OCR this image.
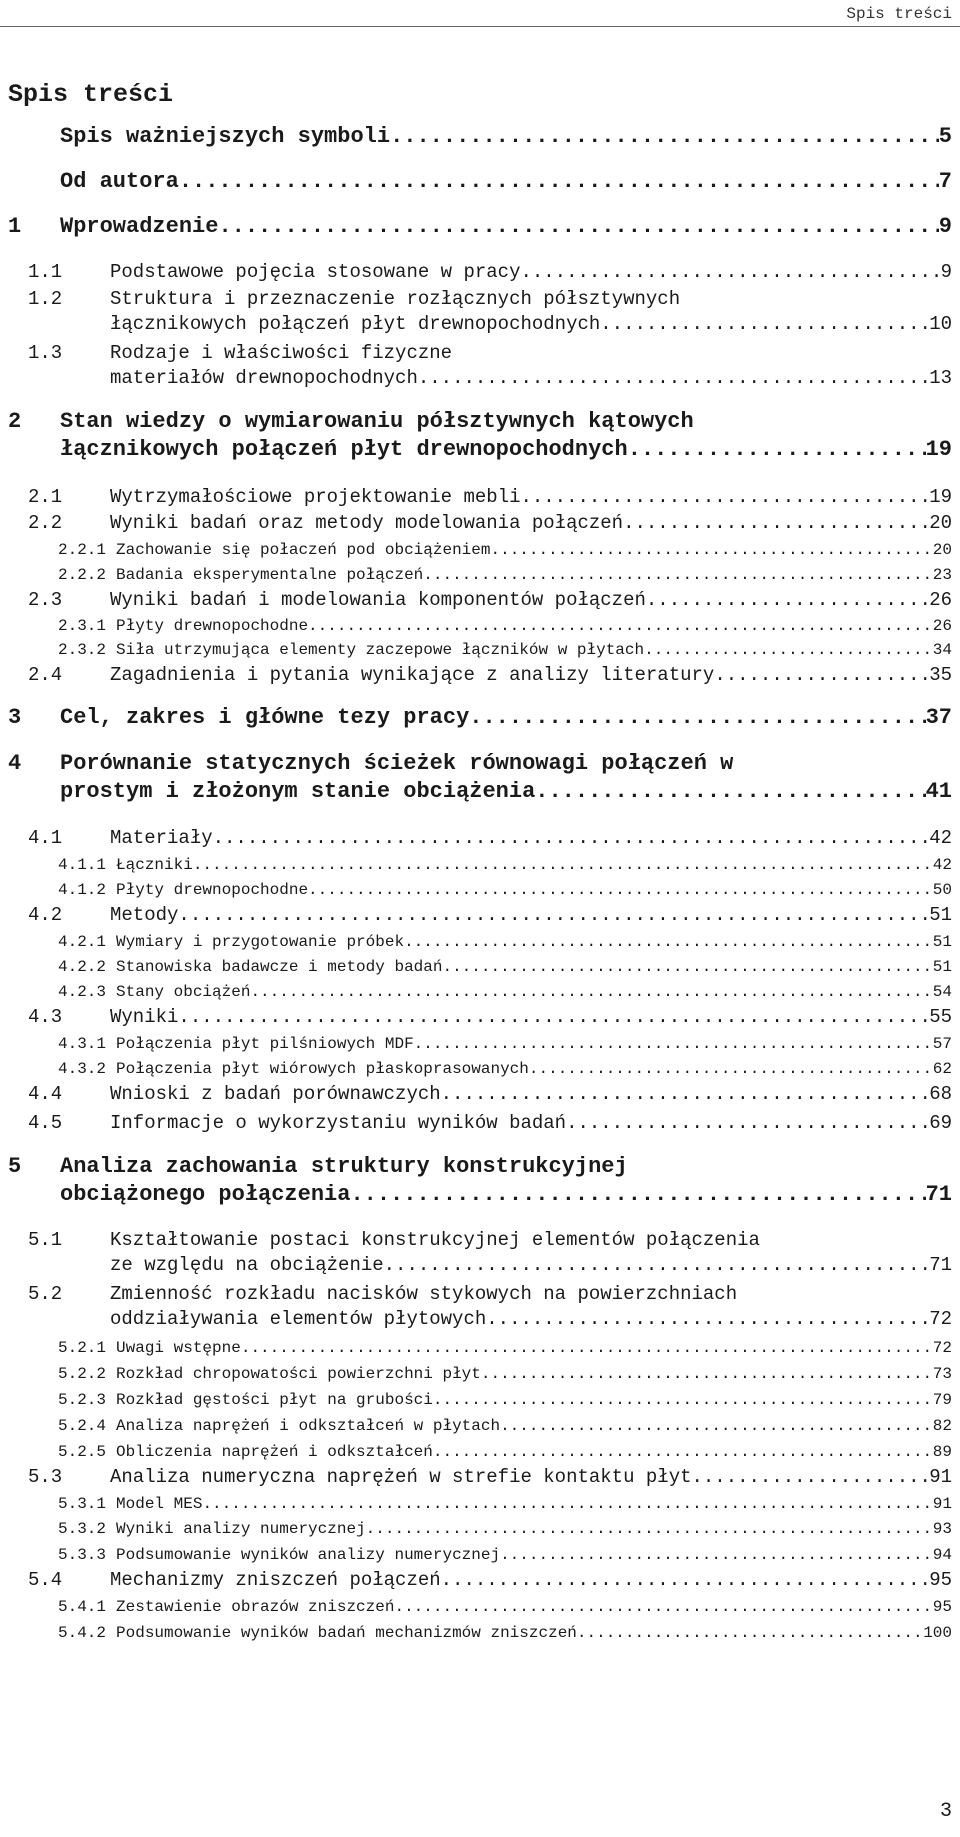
Spis treści
Spis treści
Spis ważniejszych symboli .....	5
Od autora .....	7
1	Wprowadzenie .....	9
1.1	Podstawowe pojęcia stosowane w pracy .....	9
1.2	Struktura i przeznaczenie rozłącznych półsztywnych
łącznikowych połączeń płyt drewnopochodnych .....	10
1.3	Rodzaje i właściwości fizyczne
materiałów drewnopochodnych .....	13
2	Stan wiedzy o wymiarowaniu półsztywnych kątowych
łącznikowych połączeń płyt drewnopochodnych .....	19
2.1	Wytrzymałościowe projektowanie mebli .....	19
2.2	Wyniki badań oraz metody modelowania połączeń .....	20
2.2.1 Zachowanie się połaczeń pod obciążeniem .....	20
2.2.2 Badania eksperymentalne połączeń .....	23
2.3	Wyniki badań i modelowania komponentów połączeń .....	26
2.3.1 Płyty drewnopochodne .....	26
2.3.2 Siła utrzymująca elementy zaczepowe łączników w płytach .....	34
2.4	Zagadnienia i pytania wynikające z analizy literatury .....	35
3	Cel, zakres i główne tezy pracy .....	37
4	Porównanie statycznych ścieżek równowagi połączeń w
prostym i złożonym stanie obciążenia .....	41
4.1	Materiały .....	42
4.1.1 Łączniki .....	42
4.1.2 Płyty drewnopochodne .....	50
4.2	Metody .....	51
4.2.1 Wymiary i przygotowanie próbek .....	51
4.2.2 Stanowiska badawcze i metody badań .....	51
4.2.3 Stany obciążeń .....	54
4.3	Wyniki .....	55
4.3.1 Połączenia płyt pilśniowych MDF .....	57
4.3.2 Połączenia płyt wiórowych płaskoprasowanych .....	62
4.4	Wnioski z badań porównawczych .....	68
4.5	Informacje o wykorzystaniu wyników badań .....	69
5	Analiza zachowania struktury konstrukcyjnej
obciążonego połączenia .....	71
5.1	Kształtowanie postaci konstrukcyjnej elementów połączenia
ze względu na obciążenie .....	71
5.2	Zmienność rozkładu nacisków stykowych na powierzchniach
oddziaływania elementów płytowych .....	72
5.2.1 Uwagi wstępne .....	72
5.2.2 Rozkład chropowatości powierzchni płyt .....	73
5.2.3 Rozkład gęstości płyt na grubości .....	79
5.2.4 Analiza naprężeń i odkształceń w płytach .....	82
5.2.5 Obliczenia naprężeń i odkształceń .....	89
5.3	Analiza numeryczna naprężeń w strefie kontaktu płyt .....	91
5.3.1 Model MES .....	91
5.3.2 Wyniki analizy numerycznej .....	93
5.3.3 Podsumowanie wyników analizy numerycznej .....	94
5.4	Mechanizmy zniszczeń połączeń .....	95
5.4.1 Zestawienie obrazów zniszczeń .....	95
5.4.2 Podsumowanie wyników badań mechanizmów zniszczeń .....	100
3
